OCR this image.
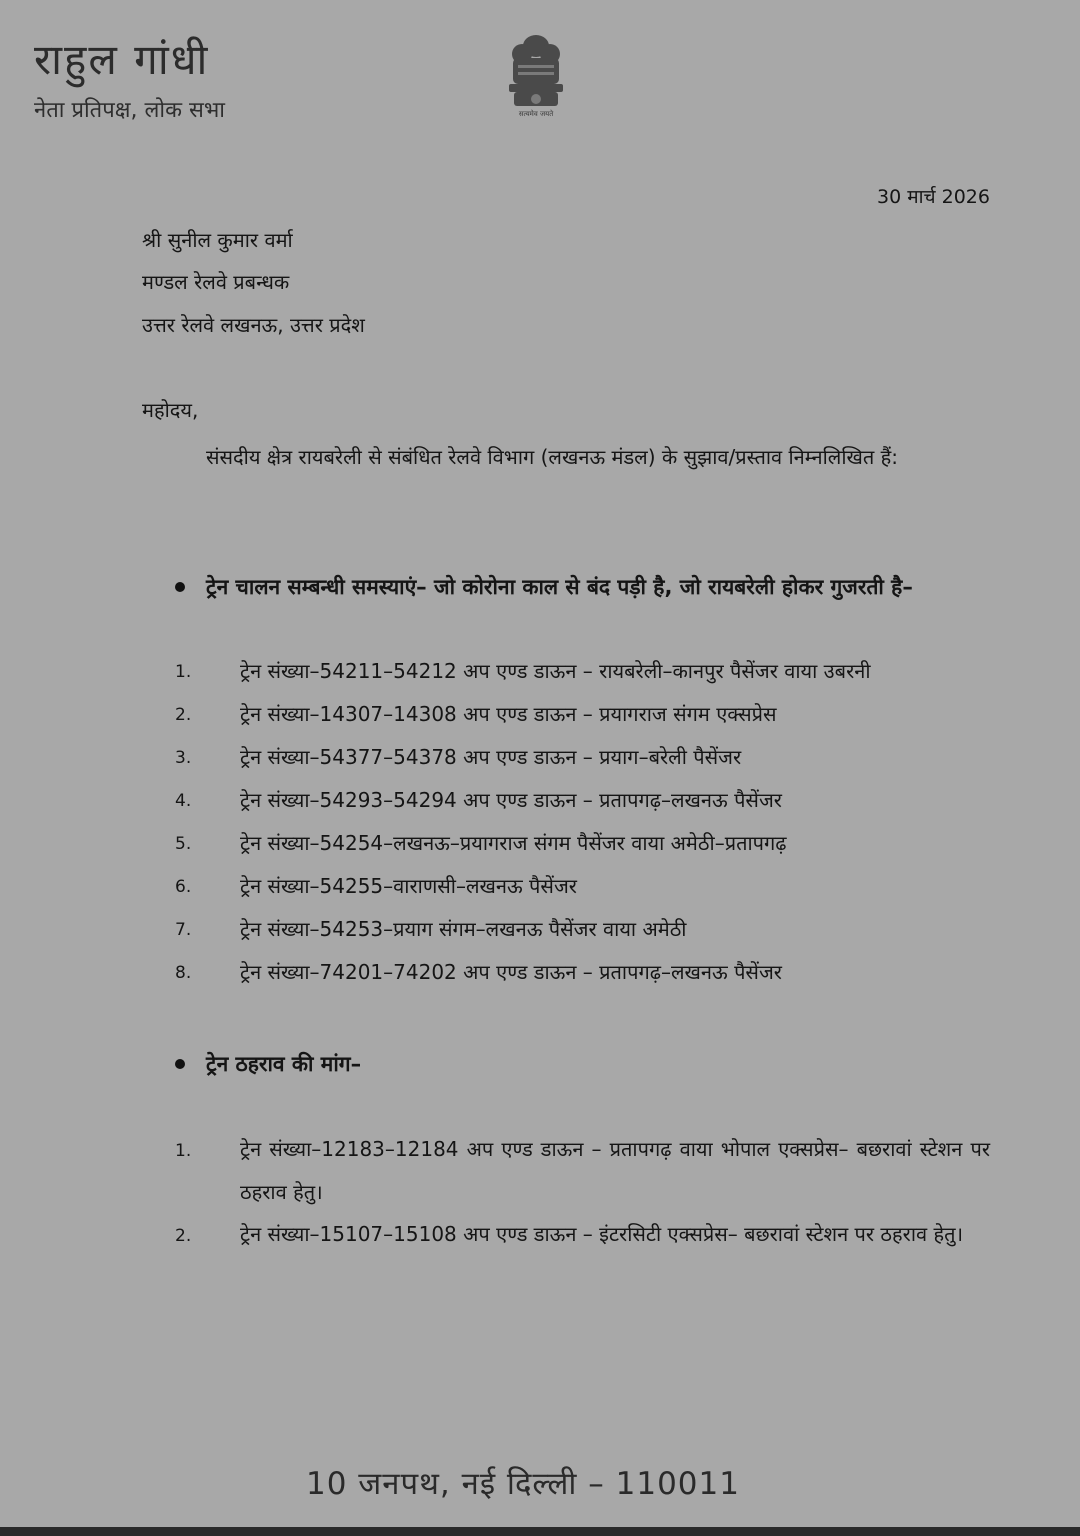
राहुल गांधी
नेता प्रतिपक्ष, लोक सभा	सत्यमेव जयते
30 मार्च 2026
श्री सुनील कुमार वर्मा
मण्डल रेलवे प्रबन्धक
उत्तर रेलवे लखनऊ, उत्तर प्रदेश
महोदय,
संसदीय क्षेत्र रायबरेली से संबंधित रेलवे विभाग (लखनऊ मंडल) के सुझाव/प्रस्ताव निम्नलिखित हैं:
ट्रेन चालन सम्बन्धी समस्याएं– जो कोरोना काल से बंद पड़ी है, जो रायबरेली होकर गुजरती है–
1. ट्रेन संख्या–54211–54212 अप एण्ड डाऊन – रायबरेली–कानपुर पैसेंजर वाया उबरनी
2. ट्रेन संख्या–14307–14308 अप एण्ड डाऊन – प्रयागराज संगम एक्सप्रेस
3. ट्रेन संख्या–54377–54378 अप एण्ड डाऊन – प्रयाग–बरेली पैसेंजर
4. ट्रेन संख्या–54293–54294 अप एण्ड डाऊन – प्रतापगढ़–लखनऊ पैसेंजर
5. ट्रेन संख्या–54254–लखनऊ–प्रयागराज संगम पैसेंजर वाया अमेठी–प्रतापगढ़
6. ट्रेन संख्या–54255–वाराणसी–लखनऊ पैसेंजर
7. ट्रेन संख्या–54253–प्रयाग संगम–लखनऊ पैसेंजर वाया अमेठी
8. ट्रेन संख्या–74201–74202 अप एण्ड डाऊन – प्रतापगढ़–लखनऊ पैसेंजर
ट्रेन ठहराव की मांग–
1. ट्रेन संख्या–12183–12184 अप एण्ड डाऊन – प्रतापगढ़ वाया भोपाल एक्सप्रेस– बछरावां स्टेशन पर ठहराव हेतु।
2. ट्रेन संख्या–15107–15108 अप एण्ड डाऊन – इंटरसिटी एक्सप्रेस– बछरावां स्टेशन पर ठहराव हेतु।
10 जनपथ, नई दिल्ली – 110011
